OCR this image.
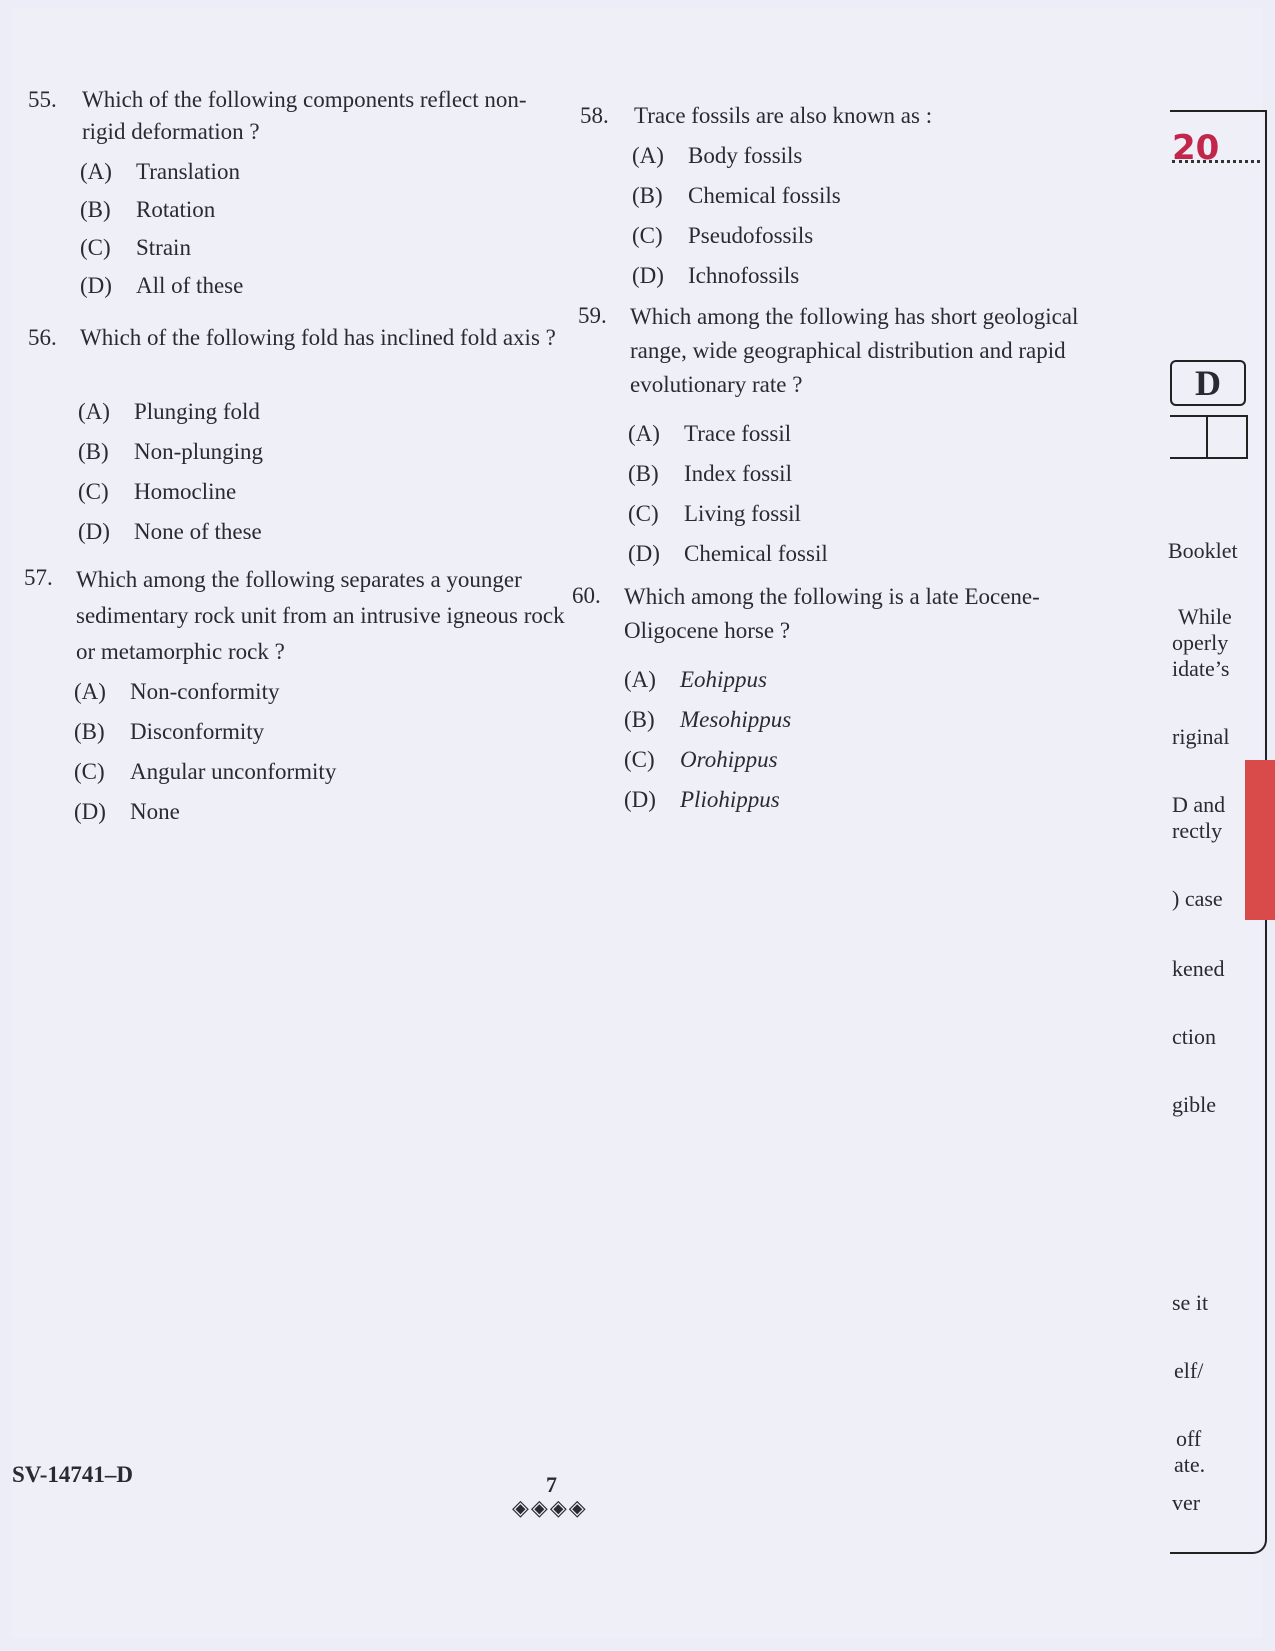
55. Which of the following components reflect non-rigid deformation ?
(A) Translation
(B) Rotation
(C) Strain
(D) All of these
56. Which of the following fold has inclined fold axis ?
(A) Plunging fold
(B) Non-plunging
(C) Homocline
(D) None of these
57. Which among the following separates a younger sedimentary rock unit from an intrusive igneous rock or metamorphic rock ?
(A) Non-conformity
(B) Disconformity
(C) Angular unconformity
(D) None
58. Trace fossils are also known as :
(A) Body fossils
(B) Chemical fossils
(C) Pseudofossils
(D) Ichnofossils
59. Which among the following has short geological range, wide geographical distribution and rapid evolutionary rate ?
(A) Trace fossil
(B) Index fossil
(C) Living fossil
(D) Chemical fossil
60. Which among the following is a late Eocene-Oligocene horse ?
(A) Eohippus
(B) Mesohippus
(C) Orohippus
(D) Pliohippus
20
D
Booklet
While
operly
idate’s
riginal
D and
rectly
) case
kened
ction
gible
se it
elf/
off
ate.
ver
SV-14741–D	7
◈◈◈◈
